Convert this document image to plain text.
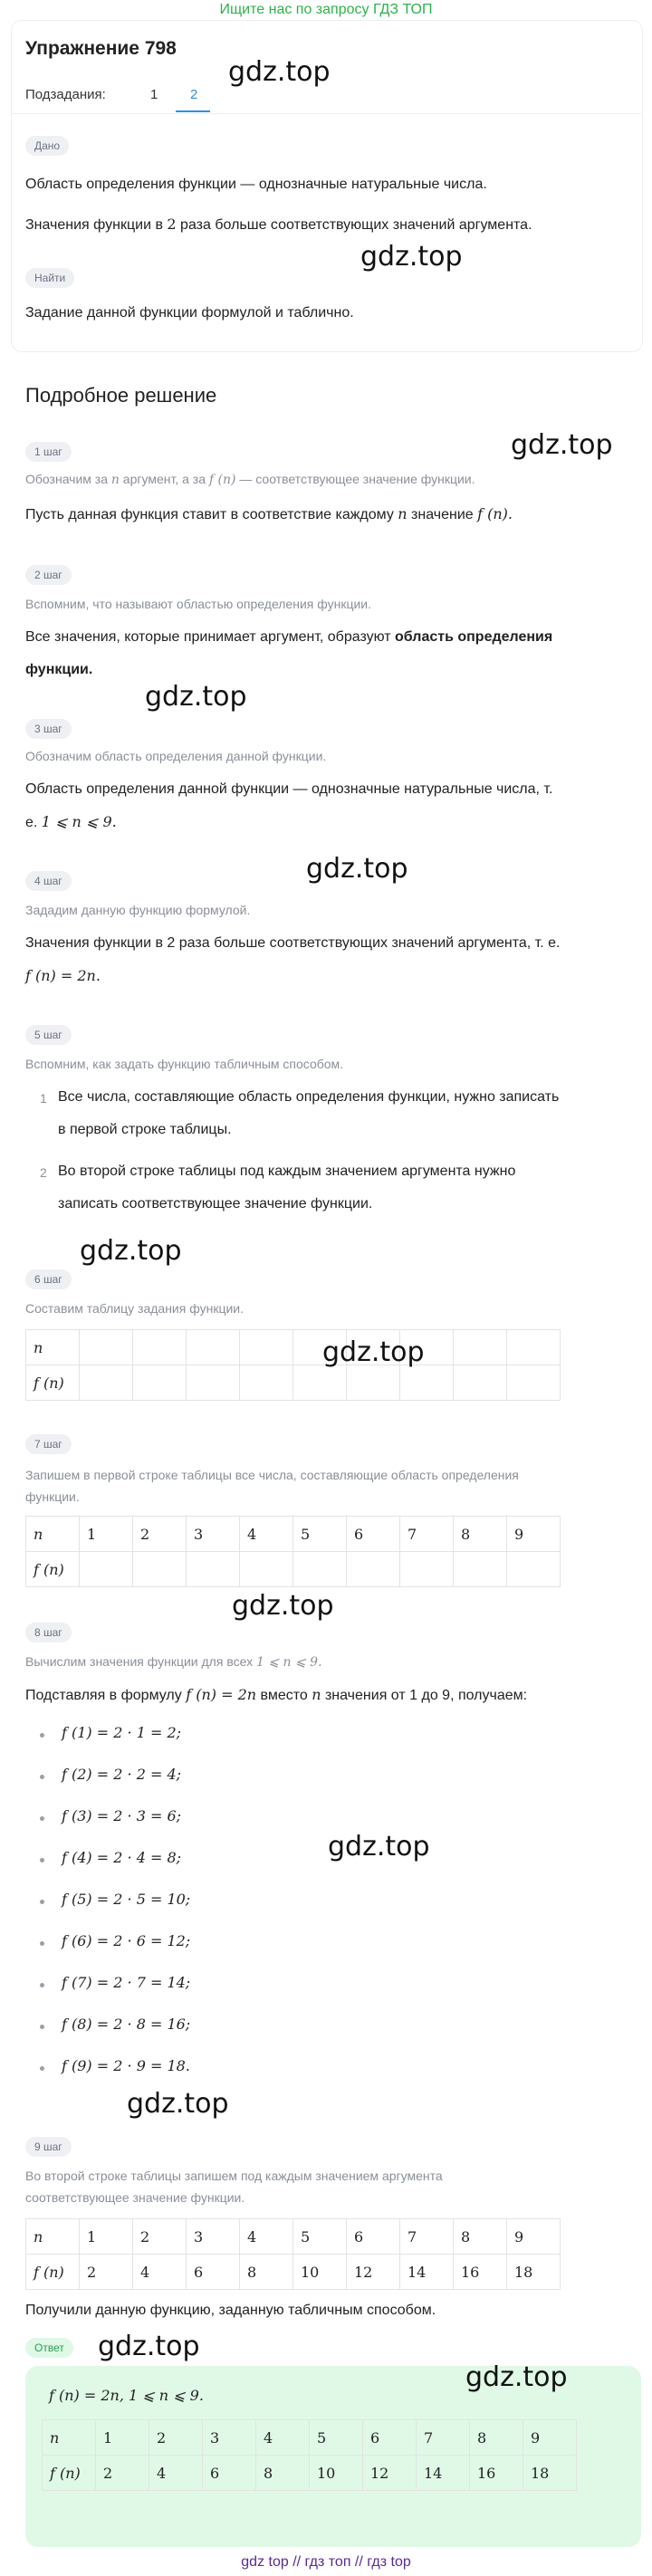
Ищите нас по запросу ГДЗ ТОП
Упражнение 798
gdz.top
Подзадания:	1 2
Дано
Область определения функции — однозначные натуральные числа.
Значения функции в 2 раза больше соответствующих значений аргумента.
gdz.top
Найти
Задание данной функции формулой и таблично.
Подробное решение
gdz.top
1 шаг
Обозначим за n аргумент, а за f (n) — соответствующее значение функции.
Пусть данная функция ставит в соответствие каждому n значение f (n).
2 шаг
Вспомним, что называют областью определения функции.
Все значения, которые принимает аргумент, образуют область определения
функции.
gdz.top
3 шаг
Обозначим область определения данной функции.
Область определения данной функции — однозначные натуральные числа, т.
е. 1 ⩽ n ⩽ 9.
gdz.top
4 шаг
Зададим данную функцию формулой.
Значения функции в 2 раза больше соответствующих значений аргумента, т. е.
f (n) = 2n.
5 шаг
Вспомним, как задать функцию табличным способом.
1 Все числа, составляющие область определения функции, нужно записать
в первой строке таблицы.
2 Во второй строке таблицы под каждым значением аргумента нужно
записать соответствующее значение функции.
gdz.top
6 шаг
Составим таблицу задания функции.
n									
f (n)									
gdz.top
7 шаг
Запишем в первой строке таблицы все числа, составляющие область определения
функции.
n	1	2	3	4	5	6	7	8	9
f (n)									
gdz.top
8 шаг
Вычислим значения функции для всех 1 ⩽ n ⩽ 9.
Подставляя в формулу f (n) = 2n вместо n значения от 1 до 9, получаем:
f (1) = 2 · 1 = 2;
f (2) = 2 · 2 = 4;
f (3) = 2 · 3 = 6;
f (4) = 2 · 4 = 8;
f (5) = 2 · 5 = 10;
f (6) = 2 · 6 = 12;
f (7) = 2 · 7 = 14;
f (8) = 2 · 8 = 16;
f (9) = 2 · 9 = 18.
gdz.top
gdz.top
9 шаг
Во второй строке таблицы запишем под каждым значением аргумента
соответствующее значение функции.
n	1	2	3	4	5	6	7	8	9
f (n)	2	4	6	8	10	12	14	16	18
Получили данную функцию, заданную табличным способом.
gdz.top
Ответ
f (n) = 2n, 1 ⩽ n ⩽ 9.
gdz.top
n	1	2	3	4	5	6	7	8	9
f (n)	2	4	6	8	10	12	14	16	18
gdz top // гдз топ // гдз top
